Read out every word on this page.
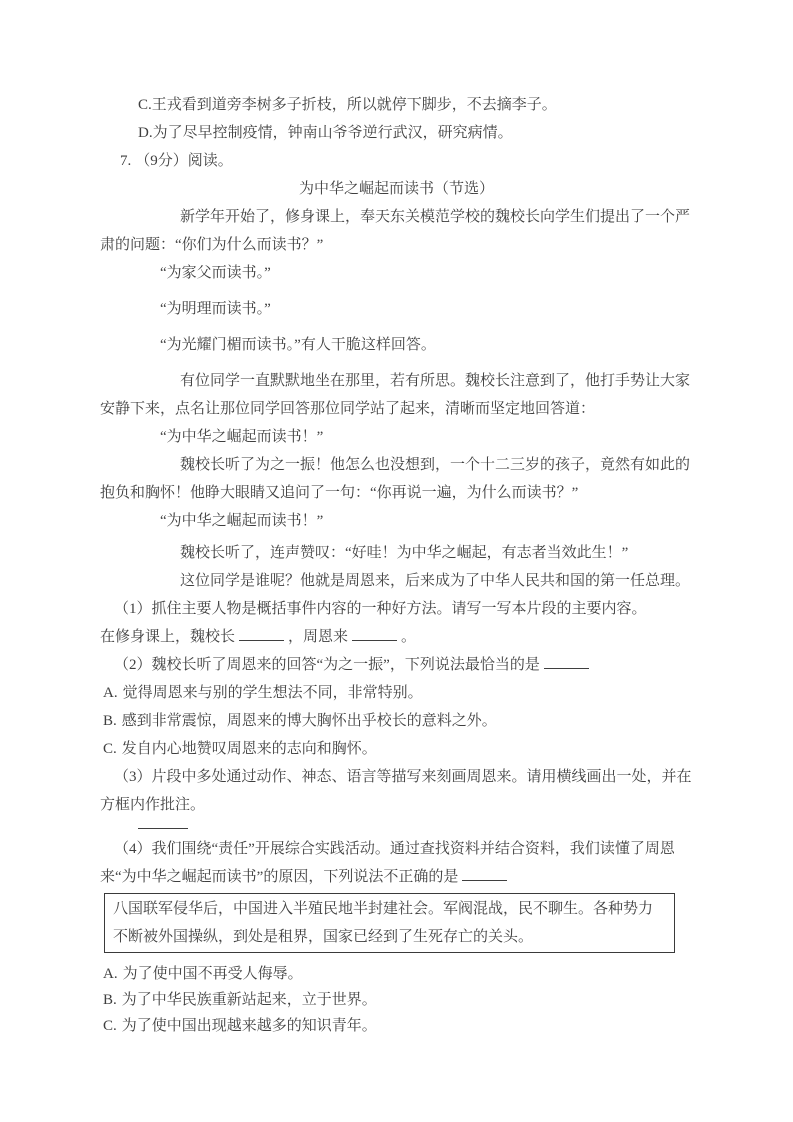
C.王戎看到道旁李树多子折枝，所以就停下脚步，不去摘李子。

D.为了尽早控制疫情，钟南山爷爷逆行武汉，研究病情。

7. （9分）阅读。

为中华之崛起而读书（节选）

新学年开始了，修身课上，奉天东关模范学校的魏校长向学生们提出了一个严肃的问题：“你们为什么而读书？”

“为家父而读书。”

“为明理而读书。”

“为光耀门楣而读书。”有人干脆这样回答。

有位同学一直默默地坐在那里，若有所思。魏校长注意到了，他打手势让大家安静下来，点名让那位同学回答那位同学站了起来，清晰而坚定地回答道：

“为中华之崛起而读书！”

魏校长听了为之一振！他怎么也没想到，一个十二三岁的孩子，竟然有如此的抱负和胸怀！他睁大眼睛又追问了一句：“你再说一遍，为什么而读书？”

“为中华之崛起而读书！”

魏校长听了，连声赞叹：“好哇！为中华之崛起，有志者当效此生！”

这位同学是谁呢？他就是周恩来，后来成为了中华人民共和国的第一任总理。

（1）抓住主要人物是概括事件内容的一种好方法。请写一写本片段的主要内容。

在修身课上，魏校长	，周恩来	。

（2）魏校长听了周恩来的回答“为之一振”，下列说法最恰当的是

A. 觉得周恩来与别的学生想法不同，非常特别。

B. 感到非常震惊，周恩来的博大胸怀出乎校长的意料之外。

C. 发自内心地赞叹周恩来的志向和胸怀。

（3）片段中多处通过动作、神态、语言等描写来刻画周恩来。请用横线画出一处，并在方框内作批注。

（4）我们围绕“责任”开展综合实践活动。通过查找资料并结合资料，我们读懂了周恩来“为中华之崛起而读书”的原因，下列说法不正确的是

八国联军侵华后，中国进入半殖民地半封建社会。军阀混战，民不聊生。各种势力不断被外国操纵，到处是租界，国家已经到了生死存亡的关头。

A. 为了使中国不再受人侮辱。

B. 为了中华民族重新站起来，立于世界。

C. 为了使中国出现越来越多的知识青年。
